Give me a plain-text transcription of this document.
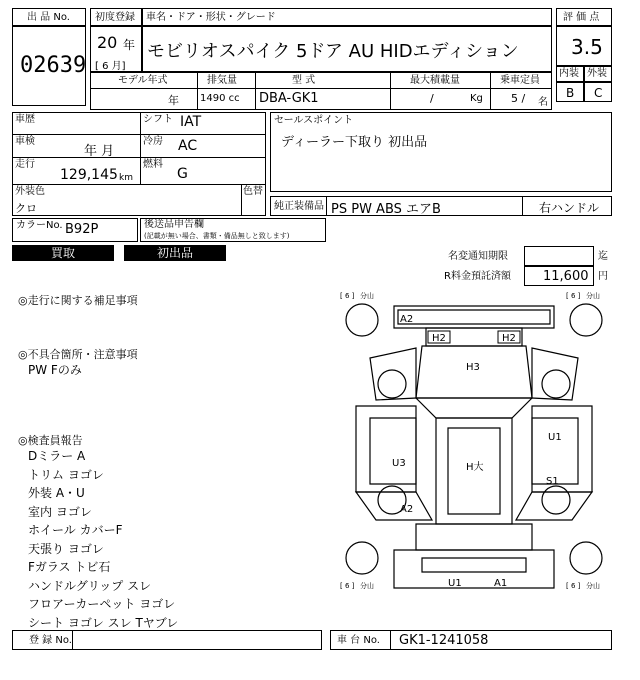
出 品 No.
02639
初度登録
20 年
[ 6 月]
車名・ドア・形状・グレード
モビリオスパイク 5ドア AU HIDエディション
評 価 点
3.5
内装 外装
B C
モデル年式	排気量	型 式	最大積載量	乗車定員
年 1490 cc DBA-GK1	/	Kg	5 / 名
車歴	シフト IAT
車検
年 月
冷房 AC
走行
129,145 km
燃料
G
外装色
クロ
色替
セールスポイント
ディーラー下取り 初出品
純正装備品 PS PW ABS エアB	右ハンドル
カラーNo. B92P	後送品申告欄
(記載が無い場合、書類・備品無しと致します)
買取	初出品	名変通知期限	迄
R料金預託済額 11,600 円
◎走行に関する補足事項
◎不具合箇所・注意事項
PW Fのみ
◎検査員報告
Dミラー A
トリム ヨゴレ
外装 A・U
室内 ヨゴレ
ホイール カバーF
天張り ヨゴレ
Fガラス トビ石
ハンドルグリップ スレ
フロアーカーペット ヨゴレ
シート ヨゴレ スレ Tヤブレ
A2
H2	H2
H3
U3	H大
U1
S1
A2
U1	A1
[ 6 ] 分山	[ 6 ] 分山
[ 6 ] 分山	[ 6 ] 分山
登 録 No.	車 台 No. GK1-1241058
